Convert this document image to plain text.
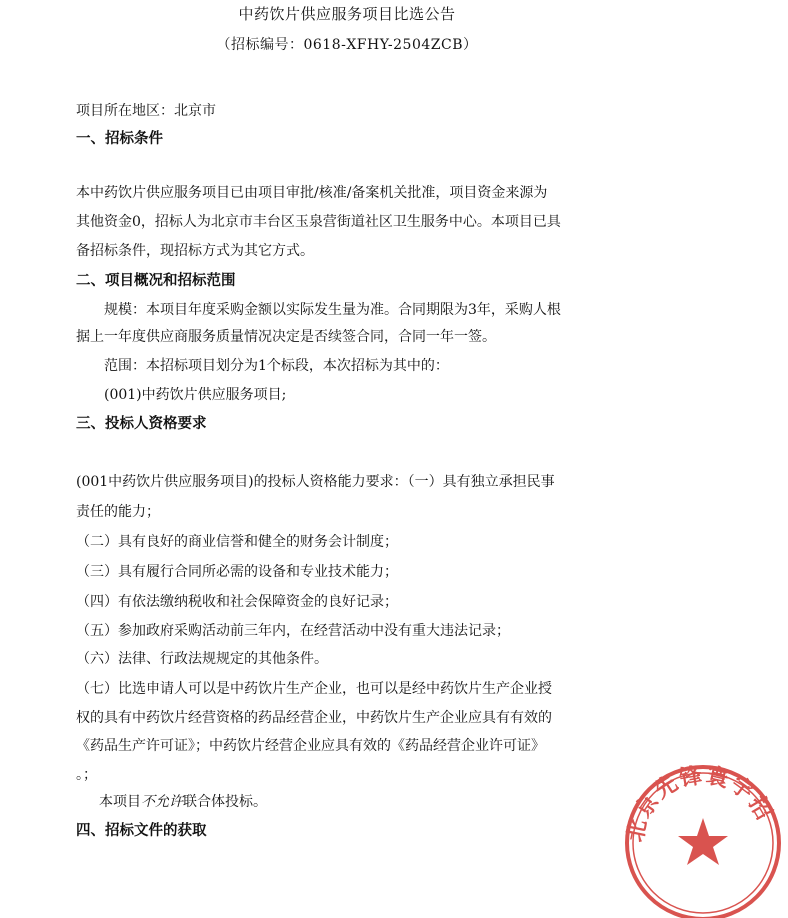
中药饮片供应服务项目比选公告
（招标编号：0618-XFHY-2504ZCB）
项目所在地区：北京市
一、招标条件
本中药饮片供应服务项目已由项目审批/核准/备案机关批准，项目资金来源为
其他资金0，招标人为北京市丰台区玉泉营街道社区卫生服务中心。本项目已具
备招标条件，现招标方式为其它方式。
二、项目概况和招标范围
规模：本项目年度采购金额以实际发生量为准。合同期限为3年，采购人根
据上一年度供应商服务质量情况决定是否续签合同，合同一年一签。
范围：本招标项目划分为1个标段，本次招标为其中的：
(001)中药饮片供应服务项目;
三、投标人资格要求
(001中药饮片供应服务项目)的投标人资格能力要求：（一）具有独立承担民事
责任的能力；
（二）具有良好的商业信誉和健全的财务会计制度；
（三）具有履行合同所必需的设备和专业技术能力；
（四）有依法缴纳税收和社会保障资金的良好记录；
（五）参加政府采购活动前三年内，在经营活动中没有重大违法记录；
（六）法律、行政法规规定的其他条件。
（七）比选申请人可以是中药饮片生产企业，也可以是经中药饮片生产企业授
权的具有中药饮片经营资格的药品经营企业，中药饮片生产企业应具有有效的
《药品生产许可证》；中药饮片经营企业应具有效的《药品经营企业许可证》
。；
本项目不允许联合体投标。
四、招标文件的获取	北京先锋寰宇招
